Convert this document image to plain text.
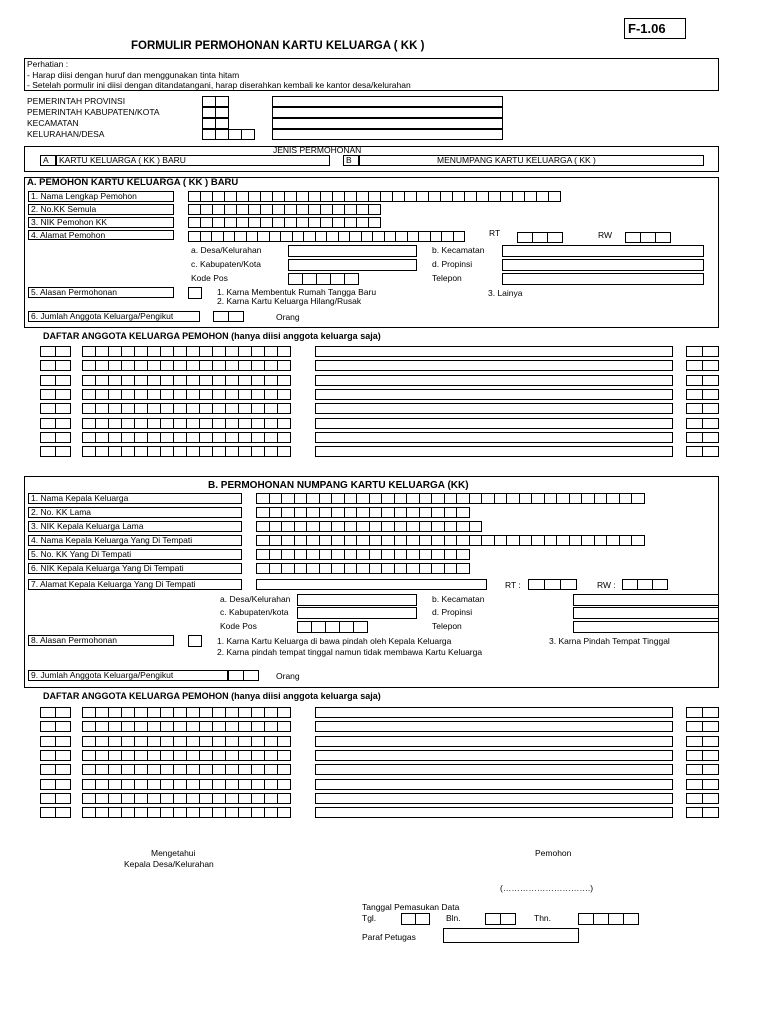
F-1.06
FORMULIR PERMOHONAN KARTU KELUARGA ( KK )
Perhatian :
- Harap diisi dengan huruf dan menggunakan tinta hitam
- Setelah pormulir ini diisi dengan ditandatangani, harap diserahkan kembali ke kantor desa/kelurahan
PEMERINTAH PROVINSI
PEMERINTAH KABUPATEN/KOTA
KECAMATAN
KELURAHAN/DESA
JENIS PERMOHONAN
A	KARTU KELUARGA ( KK ) BARU	B	MENUMPANG KARTU KELUARGA ( KK )
A. PEMOHON KARTU KELUARGA ( KK ) BARU
1. Nama Lengkap Pemohon
2. No.KK Semula
3. NIK Pemohon KK
4. Alamat Pemohon	RT	RW
a. Desa/Kelurahan	b. Kecamatan
c. Kabupaten/Kota	d. Propinsi
Kode Pos	Telepon
5. Alasan Permohonan	1. Karna Membentuk Rumah Tangga Baru
2. Karna Kartu Keluarga Hilang/Rusak
3. Lainya
6. Jumlah Anggota Keluarga/Pengikut	Orang
DAFTAR ANGGOTA KELUARGA PEMOHON (hanya diisi anggota keluarga saja)
B. PERMOHONAN NUMPANG KARTU KELUARGA (KK)
1. Nama Kepala Keluarga
2. No. KK Lama
3. NIK Kepala Keluarga Lama
4. Nama Kepala Keluarga Yang Di Tempati
5. No. KK Yang Di Tempati
6. NIK Kepala Keluarga Yang Di Tempati
7. Alamat Kepala Keluarga Yang Di Tempati	RT :	RW :
a. Desa/Kelurahan	b. Kecamatan
c. Kabupaten/kota	d. Propinsi
Kode Pos	Telepon
8. Alasan Permohonan	1. Karna Kartu Keluarga di bawa pindah oleh Kepala Keluarga
2. Karna pindah tempat tinggal namun tidak membawa Kartu Keluarga
3. Karna Pindah Tempat Tinggal
9. Jumlah Anggota Keluarga/Pengikut	Orang
DAFTAR ANGGOTA KELUARGA PEMOHON (hanya diisi anggota keluarga saja)
Mengetahui
Kepala Desa/Kelurahan
Pemohon
(………………………….)
Tanggal Pemasukan Data
Tgl.	Bln.	Thn.
Paraf Petugas
